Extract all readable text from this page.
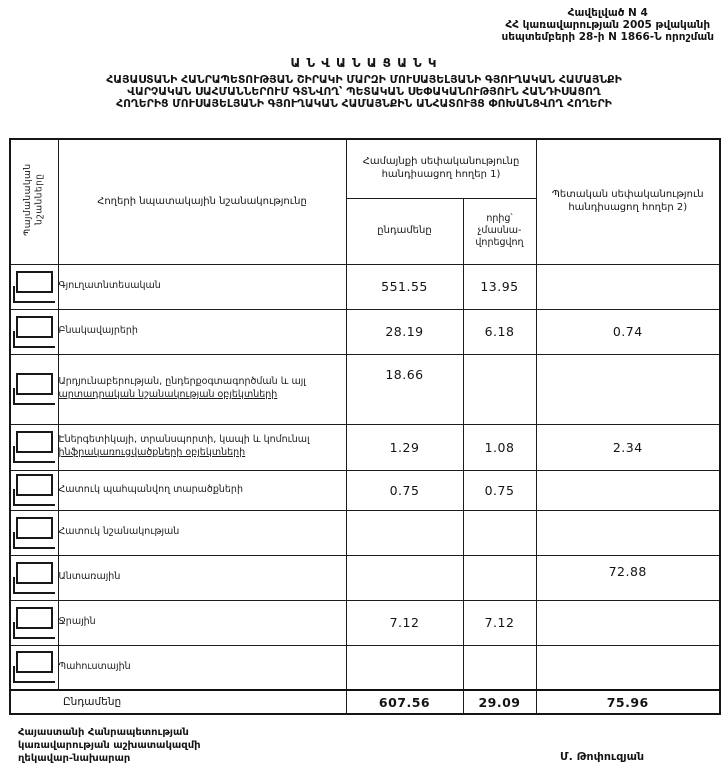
Հավելված N 4
ՀՀ կառավարության 2005 թվականի
սեպտեմբերի 28-ի N 1866-Ն որոշման
Ա Ն Վ Ա Ն Ա Ց Ա Ն Կ
ՀԱՅԱՍՏԱՆԻ ՀԱՆՐԱՊԵՏՈՒԹՅԱՆ ՇԻՐԱԿԻ ՄԱՐԶԻ ՄՈՒՍԱՅԵԼՅԱՆԻ ԳՅՈՒՂԱԿԱՆ ՀԱՄԱՅՆՔԻ
ՎԱՐՉԱԿԱՆ ՍԱՀՄԱՆՆԵՐՈՒՄ ԳՏՆՎՈՂ՝ ՊԵՏԱԿԱՆ ՍԵՓԱԿԱՆՈՒԹՅՈՒՆ ՀԱՆԴԻՍԱՑՈՂ
ՀՈՂԵՐԻՑ ՄՈՒՍԱՅԵԼՅԱՆԻ ԳՅՈՒՂԱԿԱՆ ՀԱՄԱՅՆՔԻՆ ԱՆՀԱՏՈՒՅՑ ՓՈԽԱՆՑՎՈՂ ՀՈՂԵՐԻ
Պայմանական նշանները	Հողերի նպատակային նշանակությունը	Համայնքի սեփականությունը հանդիսացող հողեր 1)		Պետական սեփականություն հանդիսացող հողեր 2)
		ընդամենը	որից՝ չմասնա-վորեցվող	

	Գյուղատնտեսական	551.55	13.95	

	Բնակավայրերի	28.19	6.18	0.74

	Արդյունաբերության, ընդերքօգտագործման և այլ արտադրական նշանակության օբյեկտների	18.66		

	Էներգետիկայի, տրանսպորտի, կապի և կոմունալ ինֆրակառուցվածքների օբյեկտների	1.29	1.08	2.34

	Հատուկ պահպանվող տարածքների	0.75	0.75	

	Հատուկ նշանակության			

	Անտառային			72.88

	Ջրային	7.12	7.12	

	Պահուստային			
Ընդամենը		607.56	29.09	75.96
Հայաստանի Հանրապետության
կառավարության աշխատակազմի
ղեկավար-նախարար	Մ. Թոփուզյան
